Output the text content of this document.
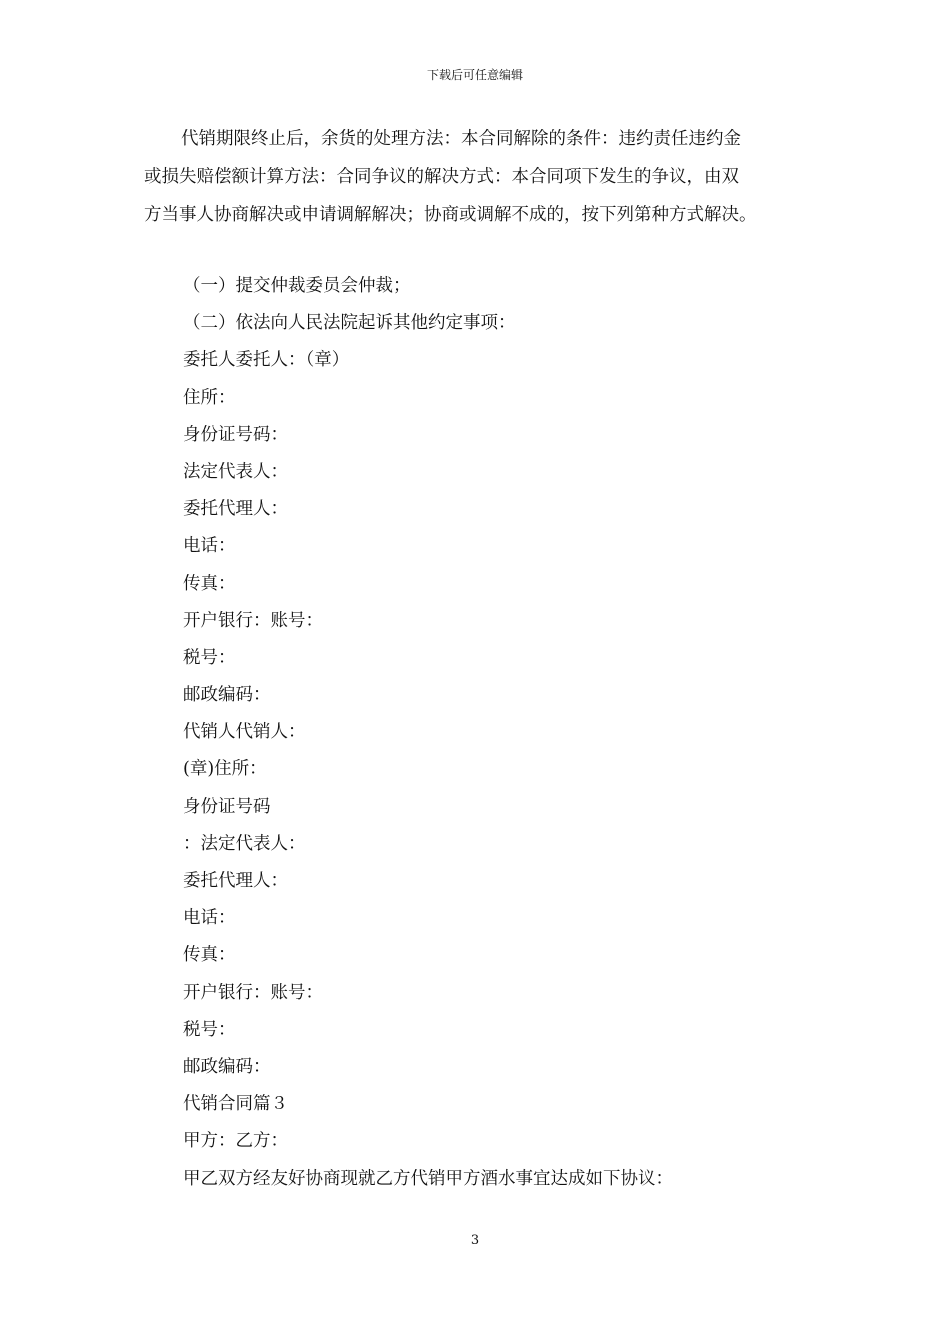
下载后可任意编辑
代销期限终止后，余货的处理方法：本合同解除的条件：违约责任违约金
或损失赔偿额计算方法：合同争议的解决方式：本合同项下发生的争议，由双
方当事人协商解决或申请调解解决；协商或调解不成的，按下列第种方式解决。
（一）提交仲裁委员会仲裁；
（二）依法向人民法院起诉其他约定事项：
委托人委托人：（章）
住所：
身份证号码：
法定代表人：
委托代理人：
电话：
传真：
开户银行：账号：
税号：
邮政编码：
代销人代销人：
(章)住所：
身份证号码
：法定代表人：
委托代理人：
电话：
传真：
开户银行：账号：
税号：
邮政编码：
代销合同篇３
甲方：乙方：
甲乙双方经友好协商现就乙方代销甲方酒水事宜达成如下协议：
3
